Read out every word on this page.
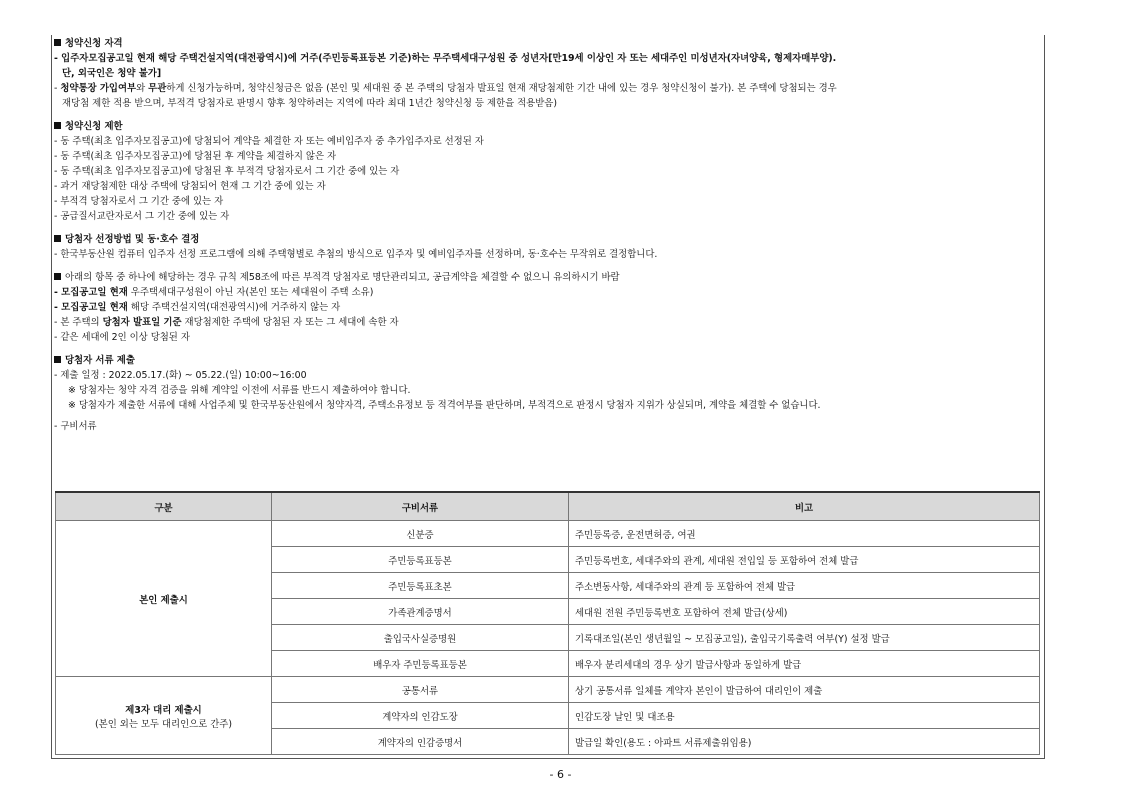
청약신청 자격
- 입주자모집공고일 현재 해당 주택건설지역(대전광역시)에 거주(주민등록표등본 기준)하는 무주택세대구성원 중 성년자[만19세 이상인 자 또는 세대주인 미성년자(자녀양육, 형제자매부양).
단, 외국인은 청약 불가]
- 청약통장 가입여부와 무관하게 신청가능하며, 청약신청금은 없음 (본인 및 세대원 중 본 주택의 당첨자 발표일 현재 재당첨제한 기간 내에 있는 경우 청약신청이 불가). 본 주택에 당첨되는 경우
재당첨 제한 적용 받으며, 부적격 당첨자로 판명시 향후 청약하려는 지역에 따라 최대 1년간 청약신청 등 제한을 적용받음)
청약신청 제한
- 동 주택(최초 입주자모집공고)에 당첨되어 계약을 체결한 자 또는 예비입주자 중 추가입주자로 선정된 자
- 동 주택(최초 입주자모집공고)에 당첨된 후 계약을 체결하지 않은 자
- 동 주택(최초 입주자모집공고)에 당첨된 후 부적격 당첨자로서 그 기간 중에 있는 자
- 과거 재당첨제한 대상 주택에 당첨되어 현재 그 기간 중에 있는 자
- 부적격 당첨자로서 그 기간 중에 있는 자
- 공급질서교란자로서 그 기간 중에 있는 자
당첨자 선정방법 및 동·호수 결정
- 한국부동산원 컴퓨터 입주자 선정 프로그램에 의해 주택형별로 추첨의 방식으로 입주자 및 예비입주자를 선정하며, 동·호수는 무작위로 결정합니다.
아래의 항목 중 하나에 해당하는 경우 규칙 제58조에 따른 부적격 당첨자로 명단관리되고, 공급계약을 체결할 수 없으니 유의하시기 바람
- 모집공고일 현재 우주택세대구성원이 아닌 자(본인 또는 세대원이 주택 소유)
- 모집공고일 현재 해당 주택건설지역(대전광역시)에 거주하지 않는 자
- 본 주택의 당첨자 발표일 기준 재당첨제한 주택에 당첨된 자 또는 그 세대에 속한 자
- 같은 세대에 2인 이상 당첨된 자
당첨자 서류 제출
- 제출 일정 : 2022.05.17.(화) ~ 05.22.(일) 10:00~16:00
※ 당첨자는 청약 자격 검증을 위해 계약일 이전에 서류를 반드시 제출하여야 합니다.
※ 당첨자가 제출한 서류에 대해 사업주체 및 한국부동산원에서 청약자격, 주택소유정보 등 적격여부를 판단하며, 부적격으로 판정시 당첨자 지위가 상실되며, 계약을 체결할 수 없습니다.
- 구비서류
구분	구비서류	비고
본인 제출시	신분증	주민등록증, 운전면허증, 여권
	주민등록표등본	주민등록번호, 세대주와의 관계, 세대원 전입일 등 포함하여 전체 발급
	주민등록표초본	주소변동사항, 세대주와의 관계 등 포함하여 전체 발급
	가족관계증명서	세대원 전원 주민등록번호 포함하여 전체 발급(상세)
	출입국사실증명원	기록대조일(본인 생년월일 ~ 모집공고일), 출입국기록출력 여부(Y) 설정 발급
	배우자 주민등록표등본	배우자 분리세대의 경우 상기 발급사항과 동일하게 발급
제3자 대리 제출시
(본인 외는 모두 대리인으로 간주)	공통서류	상기 공통서류 일체를 계약자 본인이 발급하여 대리인이 제출
	계약자의 인감도장	인감도장 날인 및 대조용
	계약자의 인감증명서	발급일 확인(용도 : 아파트 서류제출위임용)
- 6 -
